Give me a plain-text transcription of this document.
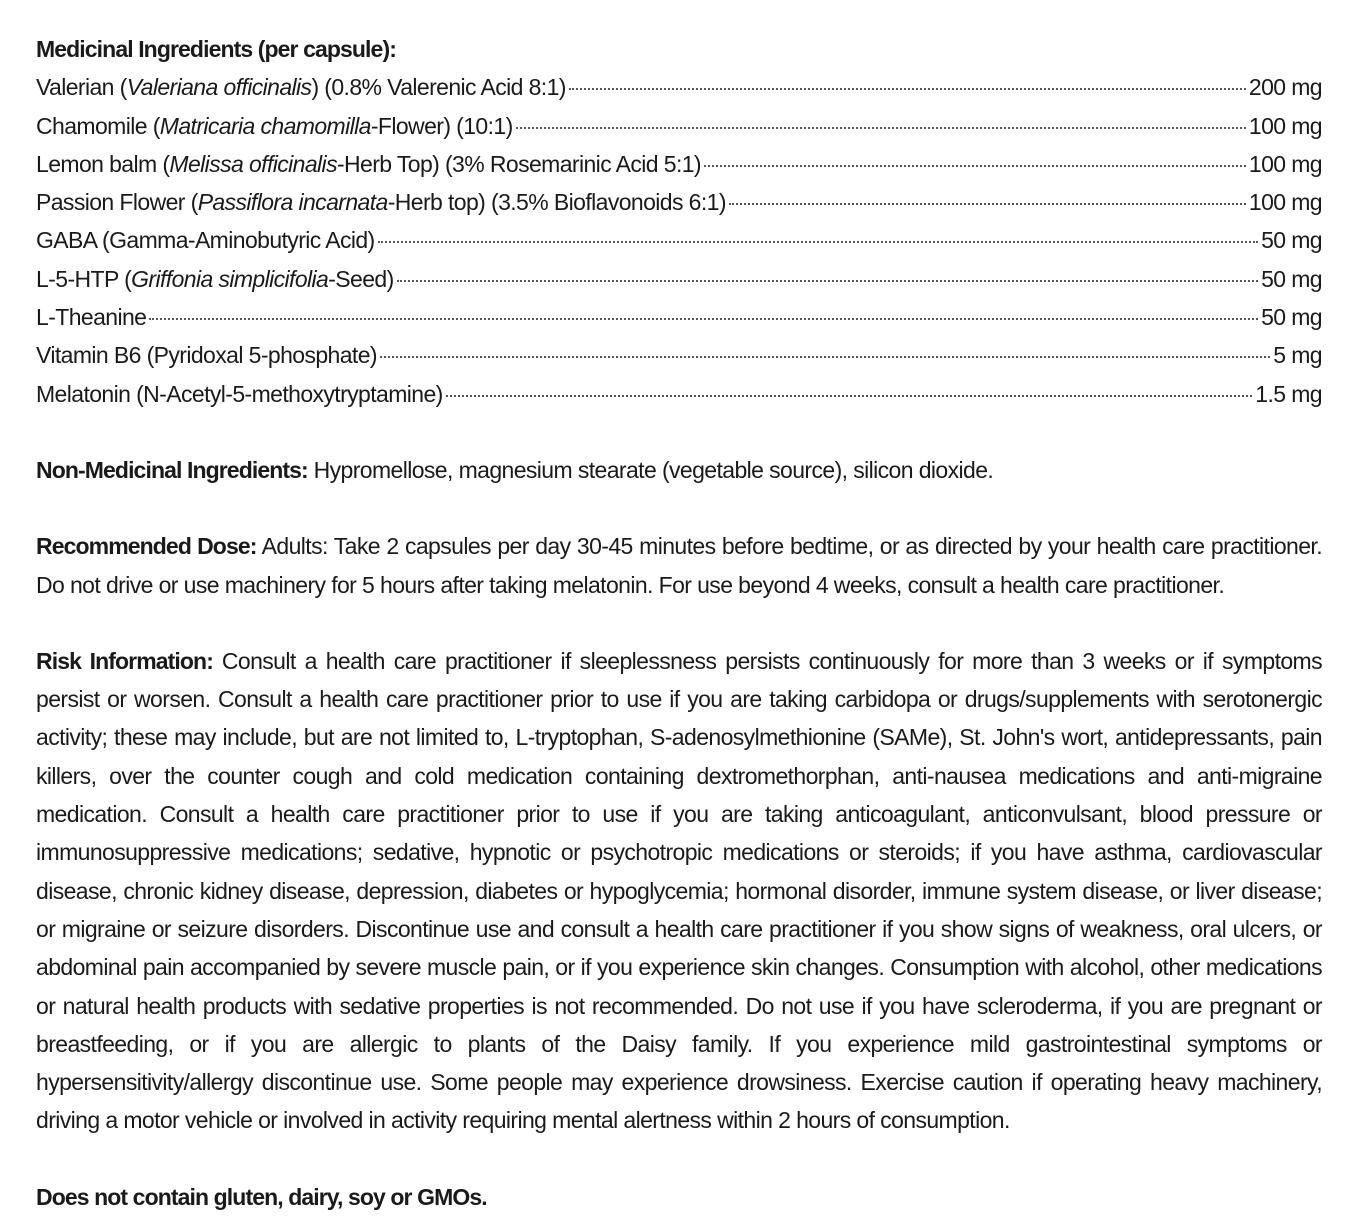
Medicinal Ingredients (per capsule):
Valerian (Valeriana officinalis) (0.8% Valerenic Acid 8:1)	200 mg
Chamomile (Matricaria chamomilla-Flower) (10:1)	100 mg
Lemon balm (Melissa officinalis-Herb Top) (3% Rosemarinic Acid 5:1)	100 mg
Passion Flower (Passiflora incarnata-Herb top) (3.5% Bioflavonoids 6:1)	100 mg
GABA (Gamma-Aminobutyric Acid)	50 mg
L-5-HTP (Griffonia simplicifolia-Seed)	50 mg
L-Theanine	50 mg
Vitamin B6 (Pyridoxal 5-phosphate)	5 mg
Melatonin (N-Acetyl-5-methoxytryptamine)	1.5 mg

Non-Medicinal Ingredients: Hypromellose, magnesium stearate (vegetable source), silicon dioxide.

Recommended Dose: Adults: Take 2 capsules per day 30-45 minutes before bedtime, or as directed by your health care practitioner. Do not drive or use machinery for 5 hours after taking melatonin. For use beyond 4 weeks, consult a health care practitioner.

Risk Information: Consult a health care practitioner if sleeplessness persists continuously for more than 3 weeks or if symptoms persist or worsen. Consult a health care practitioner prior to use if you are taking carbidopa or drugs/supplements with serotonergic activity; these may include, but are not limited to, L-tryptophan, S-adenosylmethionine (SAMe), St. John's wort, antidepressants, pain killers, over the counter cough and cold medication containing dextromethorphan, anti-nausea medications and anti-migraine medication. Consult a health care practitioner prior to use if you are taking anticoagulant, anticonvulsant, blood pressure or immunosuppressive medications; sedative, hypnotic or psychotropic medications or steroids; if you have asthma, cardiovascular disease, chronic kidney disease, depression, diabetes or hypoglycemia; hormonal disorder, immune system disease, or liver disease; or migraine or seizure disorders. Discontinue use and consult a health care practitioner if you show signs of weakness, oral ulcers, or abdominal pain accompanied by severe muscle pain, or if you experience skin changes. Consumption with alcohol, other medications or natural health products with sedative properties is not recommended. Do not use if you have scleroderma, if you are pregnant or breastfeeding, or if you are allergic to plants of the Daisy family. If you experience mild gastrointestinal symptoms or hypersensitivity/allergy discontinue use. Some people may experience drowsiness. Exercise caution if operating heavy machinery, driving a motor vehicle or involved in activity requiring mental alertness within 2 hours of consumption.

Does not contain gluten, dairy, soy or GMOs.
